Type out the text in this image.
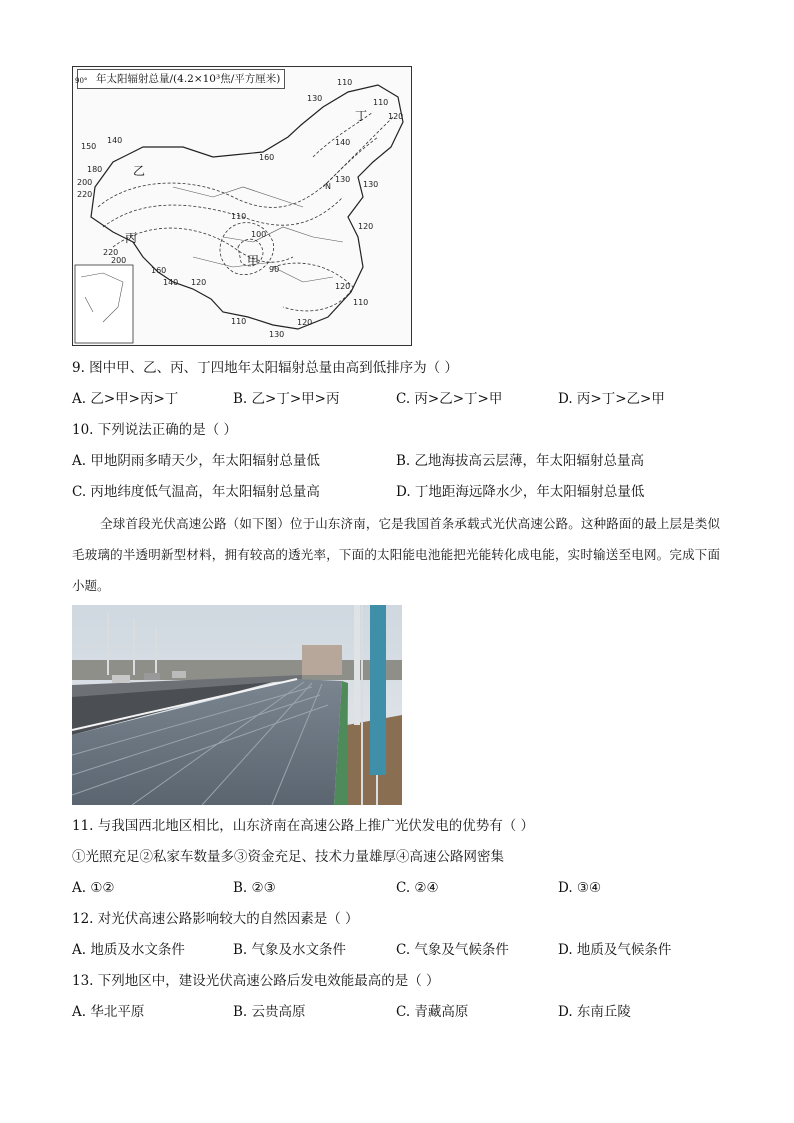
130
110
110
120
150
140
160
200
220
180
130
130
120
140
110
100
90
220
200
160
140 120	120
110
110	120
130
N
甲
乙
丙
丁
年太阳辐射总量/(4.2×10³焦/平方厘米)
90°
9. 图中甲、乙、丙、丁四地年太阳辐射总量由高到低排序为（ ）
A. 乙>甲>丙>丁	B. 乙>丁>甲>丙	C. 丙>乙>丁>甲	D. 丙>丁>乙>甲
10. 下列说法正确的是（ ）
A. 甲地阴雨多晴天少，年太阳辐射总量低	B. 乙地海拔高云层薄，年太阳辐射总量高
C. 丙地纬度低气温高，年太阳辐射总量高	D. 丁地距海远降水少，年太阳辐射总量低
全球首段光伏高速公路（如下图）位于山东济南，它是我国首条承载式光伏高速公路。这种路面的最上层是类似毛玻璃的半透明新型材料，拥有较高的透光率，下面的太阳能电池能把光能转化成电能，实时输送至电网。完成下面小题。
11. 与我国西北地区相比，山东济南在高速公路上推广光伏发电的优势有（ ）
①光照充足②私家车数量多③资金充足、技术力量雄厚④高速公路网密集
A. ①②	B. ②③	C. ②④	D. ③④
12. 对光伏高速公路影响较大的自然因素是（ ）
A. 地质及水文条件	B. 气象及水文条件	C. 气象及气候条件	D. 地质及气候条件
13. 下列地区中，建设光伏高速公路后发电效能最高的是（ ）
A. 华北平原	B. 云贵高原	C. 青藏高原	D. 东南丘陵
